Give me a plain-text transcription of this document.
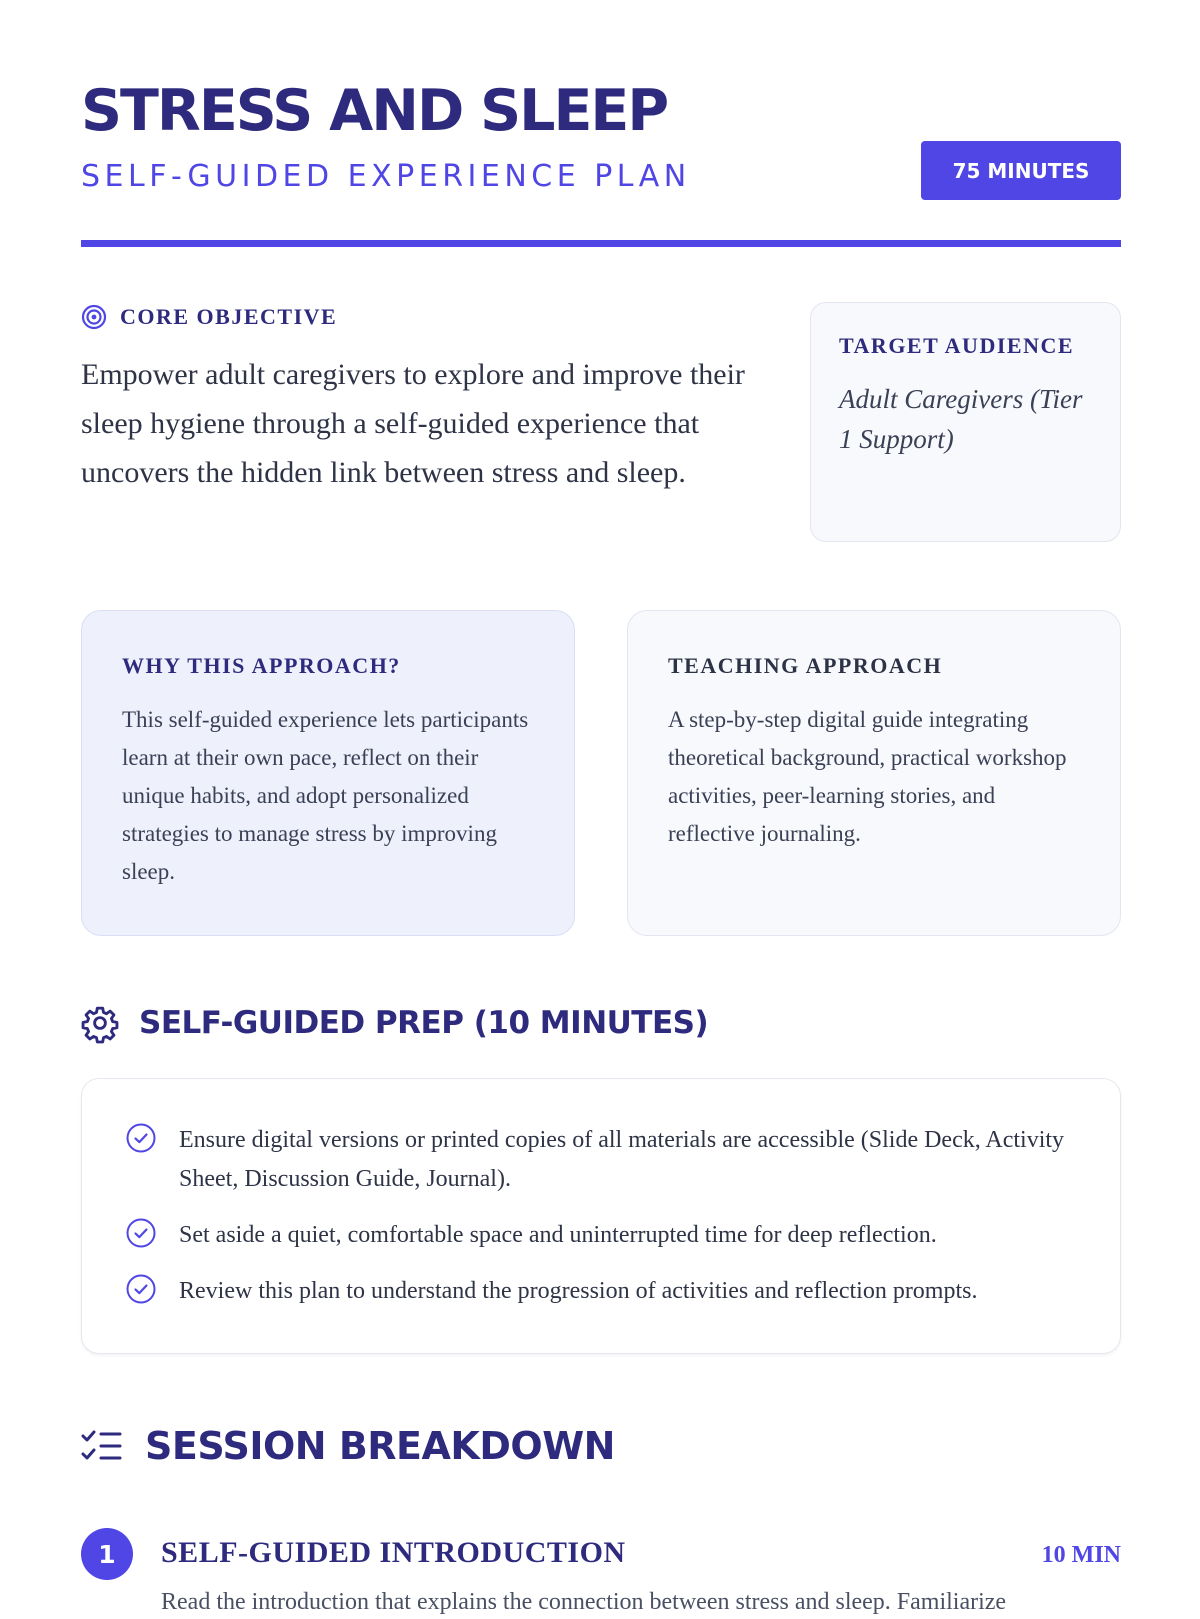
STRESS AND SLEEP
SELF-GUIDED EXPERIENCE PLAN	75 MINUTES
CORE OBJECTIVE

Empower adult caregivers to explore and improve their sleep hygiene through a self-guided experience that uncovers the hidden link between stress and sleep.

TARGET AUDIENCE
Adult Caregivers (Tier 1 Support)
WHY THIS APPROACH?

This self-guided experience lets participants learn at their own pace, reflect on their unique habits, and adopt personalized strategies to manage stress by improving sleep.

TEACHING APPROACH

A step-by-step digital guide integrating theoretical background, practical workshop activities, peer-learning stories, and reflective journaling.

SELF-GUIDED PREP (10 MINUTES)
Ensure digital versions or printed copies of all materials are accessible (Slide Deck, Activity Sheet, Discussion Guide, Journal).
Set aside a quiet, comfortable space and uninterrupted time for deep reflection.
Review this plan to understand the progression of activities and reflection prompts.
SESSION BREAKDOWN
1	SELF-GUIDED INTRODUCTION	10 MIN
Read the introduction that explains the connection between stress and sleep. Familiarize
